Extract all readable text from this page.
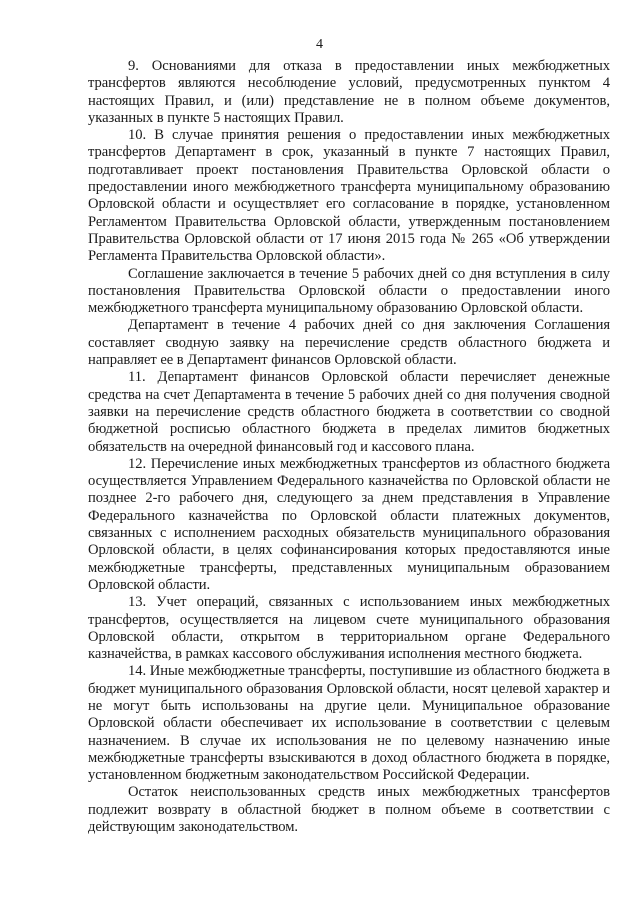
4

9. Основаниями для отказа в предоставлении иных межбюджетных трансфертов являются несоблюдение условий, предусмотренных пунктом 4 настоящих Правил, и (или) представление не в полном объеме документов, указанных в пункте 5 настоящих Правил.

10. В случае принятия решения о предоставлении иных межбюджетных трансфертов Департамент в срок, указанный в пункте 7 настоящих Правил, подготавливает проект постановления Правительства Орловской области о предоставлении иного межбюджетного трансферта муниципальному образованию Орловской области и осуществляет его согласование в порядке, установленном Регламентом Правительства Орловской области, утвержденным постановлением Правительства Орловской области от 17 июня 2015 года № 265 «Об утверждении Регламента Правительства Орловской области».

Соглашение заключается в течение 5 рабочих дней со дня вступления в силу постановления Правительства Орловской области о предоставлении иного межбюджетного трансферта муниципальному образованию Орловской области.

Департамент в течение 4 рабочих дней со дня заключения Соглашения составляет сводную заявку на перечисление средств областного бюджета и направляет ее в Департамент финансов Орловской области.

11. Департамент финансов Орловской области перечисляет денежные средства на счет Департамента в течение 5 рабочих дней со дня получения сводной заявки на перечисление средств областного бюджета в соответствии со сводной бюджетной росписью областного бюджета в пределах лимитов бюджетных обязательств на очередной финансовый год и кассового плана.

12. Перечисление иных межбюджетных трансфертов из областного бюджета осуществляется Управлением Федерального казначейства по Орловской области не позднее 2-го рабочего дня, следующего за днем представления в Управление Федерального казначейства по Орловской области платежных документов, связанных с исполнением расходных обязательств муниципального образования Орловской области, в целях софинансирования которых предоставляются иные межбюджетные трансферты, представленных муниципальным образованием Орловской области.

13. Учет операций, связанных с использованием иных межбюджетных трансфертов, осуществляется на лицевом счете муниципального образования Орловской области, открытом в территориальном органе Федерального казначейства, в рамках кассового обслуживания исполнения местного бюджета.

14. Иные межбюджетные трансферты, поступившие из областного бюджета в бюджет муниципального образования Орловской области, носят целевой характер и не могут быть использованы на другие цели. Муниципальное образование Орловской области обеспечивает их использование в соответствии с целевым назначением. В случае их использования не по целевому назначению иные межбюджетные трансферты взыскиваются в доход областного бюджета в порядке, установленном бюджетным законодательством Российской Федерации.

Остаток неиспользованных средств иных межбюджетных трансфертов подлежит возврату в областной бюджет в полном объеме в соответствии с действующим законодательством.
